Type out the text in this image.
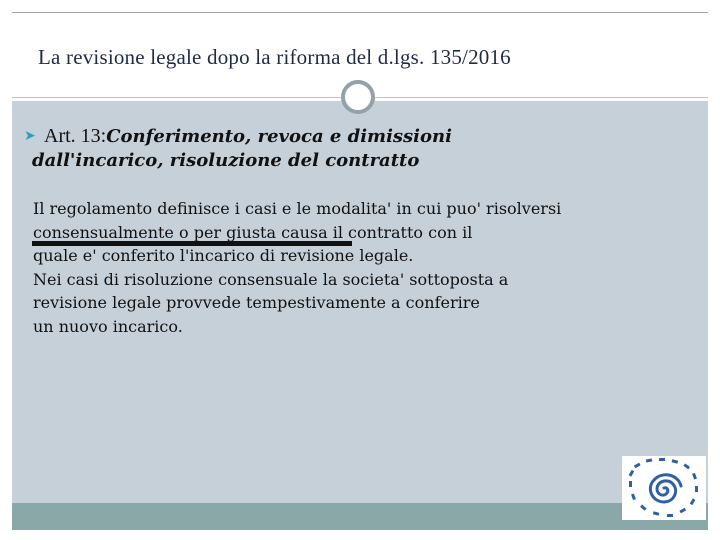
La revisione legale dopo la riforma del d.lgs. 135/2016
➤ Art. 13:Conferimento, revoca e dimissioni
dall'incarico, risoluzione del contratto
Il regolamento definisce i casi e le modalita' in cui puo' risolversi
consensualmente o per giusta causa il contratto con il
quale e' conferito l'incarico di revisione legale.
Nei casi di risoluzione consensuale la societa' sottoposta a
revisione legale provvede tempestivamente a conferire
un nuovo incarico.
